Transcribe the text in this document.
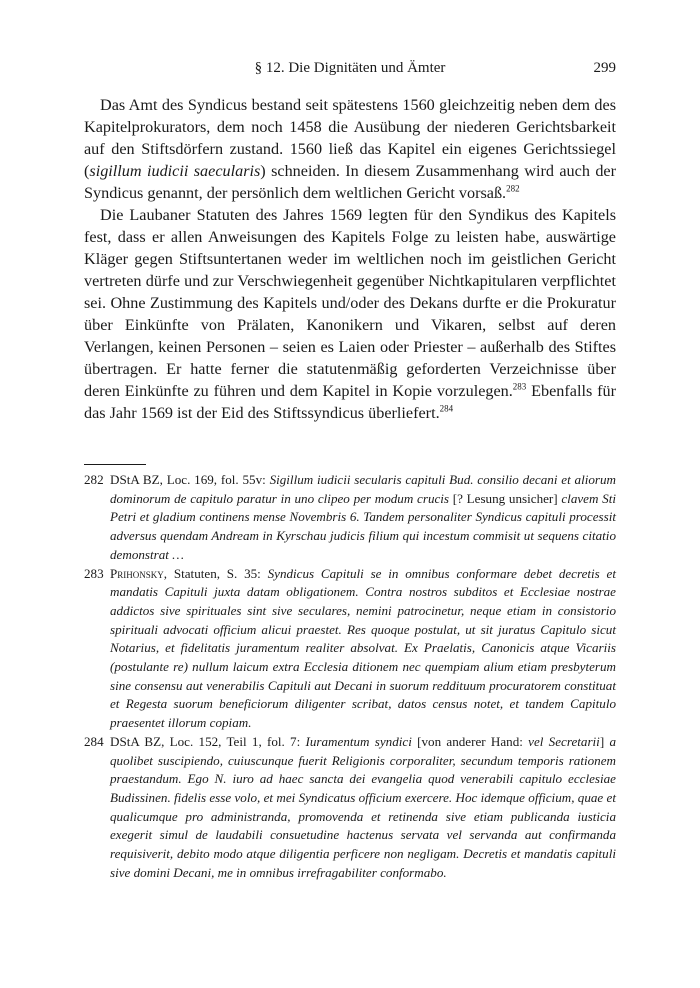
§ 12. Die Dignitäten und Ämter	299

Das Amt des Syndicus bestand seit spätestens 1560 gleichzeitig neben dem des Kapitelprokurators, dem noch 1458 die Ausübung der niederen Gerichtsbarkeit auf den Stiftsdörfern zustand. 1560 ließ das Kapitel ein eigenes Gerichtssiegel (sigillum iudicii saecularis) schneiden. In diesem Zusammenhang wird auch der Syndicus genannt, der persönlich dem weltlichen Gericht vorsaß.$^{282}$

Die Laubaner Statuten des Jahres 1569 legten für den Syndikus des Kapitels fest, dass er allen Anweisungen des Kapitels Folge zu leisten habe, auswärtige Kläger gegen Stiftsuntertanen weder im weltlichen noch im geistlichen Gericht vertreten dürfe und zur Verschwiegenheit gegenüber Nichtkapitularen verpflichtet sei. Ohne Zustimmung des Kapitels und/oder des Dekans durfte er die Prokuratur über Einkünfte von Prälaten, Kanonikern und Vikaren, selbst auf deren Verlangen, keinen Personen – seien es Laien oder Priester – außerhalb des Stiftes übertragen. Er hatte ferner die statutenmäßig geforderten Verzeichnisse über deren Einkünfte zu führen und dem Kapitel in Kopie vorzulegen.$^{283}$ Ebenfalls für das Jahr 1569 ist der Eid des Stiftssyndicus überliefert.$^{284}$

282 DStA BZ, Loc. 169, fol. 55v: Sigillum iudicii secularis capituli Bud. consilio decani et aliorum dominorum de capitulo paratur in uno clipeo per modum crucis [? Lesung unsicher] clavem Sti Petri et gladium continens mense Novembris 6. Tandem personaliter Syndicus capituli processit adversus quendam Andream in Kyrschau judicis filium qui incestum commisit ut sequens citatio demonstrat …
283 Prihonsky, Statuten, S. 35: Syndicus Capituli se in omnibus conformare debet decretis et mandatis Capituli juxta datam obligationem. Contra nostros subditos et Ecclesiae nostrae addictos sive spirituales sint sive seculares, nemini patrocinetur, neque etiam in consistorio spirituali advocati officium alicui praestet. Res quoque postulat, ut sit juratus Capitulo sicut Notarius, et fidelitatis juramentum realiter absolvat. Ex Praelatis, Canonicis atque Vicariis (postulante re) nullum laicum extra Ecclesia ditionem nec quempiam alium etiam presbyterum sine consensu aut venerabilis Capituli aut Decani in suorum reddituum procuratorem constituat et Regesta suorum beneficiorum diligenter scribat, datos census notet, et tandem Capitulo praesentet illorum copiam.
284 DStA BZ, Loc. 152, Teil 1, fol. 7: Iuramentum syndici [von anderer Hand: vel Secretarii] a quolibet suscipiendo, cuiuscunque fuerit Religionis corporaliter, secundum temporis rationem praestandum. Ego N. iuro ad haec sancta dei evangelia quod venerabili capitulo ecclesiae Budissinen. fidelis esse volo, et mei Syndicatus officium exercere. Hoc idemque officium, quae et qualicumque pro administranda, promovenda et retinenda sive etiam publicanda iusticia exegerit simul de laudabili consuetudine hactenus servata vel servanda aut confirmanda requisiverit, debito modo atque diligentia perficere non negligam. Decretis et mandatis capituli sive domini Decani, me in omnibus irrefragabiliter conformabo.
